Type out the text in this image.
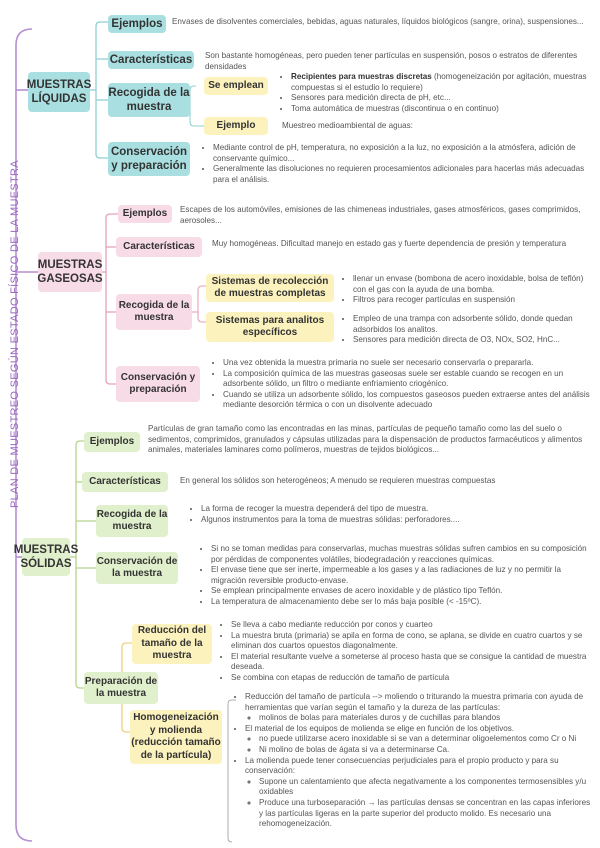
PLAN DE MUESTREO SEGÚN ESTADO FÍSICO DE LA MUESTRA
MUESTRAS LÍQUIDAS
Ejemplos	Envases de disolventes comerciales, bebidas, aguas naturales, líquidos biológicos (sangre, orina), suspensiones...
Características Son bastante homogéneas, pero pueden tener partículas en suspensión, posos o estratos de diferentes densidades
Recogida de la muestra
Se emplean
• Recipientes para muestras discretas (homogeneización por agitación, muestras compuestas si el estudio lo requiere)
• Sensores para medición directa de pH, etc...
• Toma automática de muestras (discontinua o en continuo)
Ejemplo	Muestreo medioambiental de aguas:
Conservación y preparación
• Mediante control de pH, temperatura, no exposición a la luz, no exposición a la atmósfera, adición de conservante químico...
• Generalmente las disoluciones no requieren procesamientos adicionales para hacerlas más adecuadas para el análisis.
MUESTRAS GASEOSAS
Ejemplos	Escapes de los automóviles, emisiones de las chimeneas industriales, gases atmosféricos, gases comprimidos, aerosoles...
Características	Muy homogéneas. Dificultad manejo en estado gas y fuerte dependencia de presión y temperatura
Recogida de la muestra
Sistemas de recolección de muestras completas
• llenar un envase (bombona de acero inoxidable, bolsa de teflón) con el gas con la ayuda de una bomba.
• Filtros para recoger partículas en suspensión
Sistemas para analitos específicos
• Empleo de una trampa con adsorbente sólido, donde quedan adsorbidos los analitos.
• Sensores para medición directa de O3, NOx, SO2, HnC...
Conservación y preparación
• Una vez obtenida la muestra primaria no suele ser necesario conservarla o prepararla.
• La composición química de las muestras gaseosas suele ser estable cuando se recogen en un adsorbente sólido, un filtro o mediante enfriamiento criogénico.
• Cuando se utiliza un adsorbente sólido, los compuestos gaseosos pueden extraerse antes del análisis mediante desorción térmica o con un disolvente adecuado
MUESTRAS SÓLIDAS
Ejemplos
Partículas de gran tamaño como las encontradas en las minas, partículas de pequeño tamaño como las del suelo o sedimentos, comprimidos, granulados y cápsulas utilizadas para la dispensación de productos farmacéuticos y alimentos animales, materiales laminares como polímeros, muestras de tejidos biológicos...
Características	En general los sólidos son heterogéneos; A menudo se requieren muestras compuestas
Recogida de la muestra
• La forma de recoger la muestra dependerá del tipo de muestra.
• Algunos instrumentos para la toma de muestras sólidas: perforadores....
Conservación de la muestra
• Si no se toman medidas para conservarlas, muchas muestras sólidas sufren cambios en su composición por pérdidas de componentes volátiles, biodegradación y reacciones químicas.
• El envase tiene que ser inerte, impermeable a los gases y a las radiaciones de luz y no permitir la migración reversible producto-envase.
• Se emplean principalmente envases de acero inoxidable y de plástico tipo Teflón.
• La temperatura de almacenamiento debe ser lo más baja posible (< -15ºC).
Preparación de la muestra
Reducción del tamaño de la muestra
• Se lleva a cabo mediante reducción por conos y cuarteo
• La muestra bruta (primaria) se apila en forma de cono, se aplana, se divide en cuatro cuartos y se eliminan dos cuartos opuestos diagonalmente.
• El material resultante vuelve a someterse al proceso hasta que se consigue la cantidad de muestra deseada.
• Se combina con etapas de reducción de tamaño de partícula
Homogeneización y molienda (reducción tamaño de la partícula)
• Reducción del tamaño de partícula --> moliendo o triturando la muestra primaria con ayuda de herramientas que varían según el tamaño y la dureza de las partículas:
◦ molinos de bolas para materiales duros y de cuchillas para blandos
• El material de los equipos de molienda se elige en función de los objetivos.
◦ no puede utilizarse acero inoxidable si se van a determinar oligoelementos como Cr o Ni
◦ Ni molino de bolas de ágata si va a determinarse Ca.
• La molienda puede tener consecuencias perjudiciales para el propio producto y para su conservación:
◦ Supone un calentamiento que afecta negativamente a los componentes termosensibles y/u oxidables
◦ Produce una turboseparación → las partículas densas se concentran en las capas inferiores y las partículas ligeras en la parte superior del producto molido. Es necesario una rehomogeneización.
